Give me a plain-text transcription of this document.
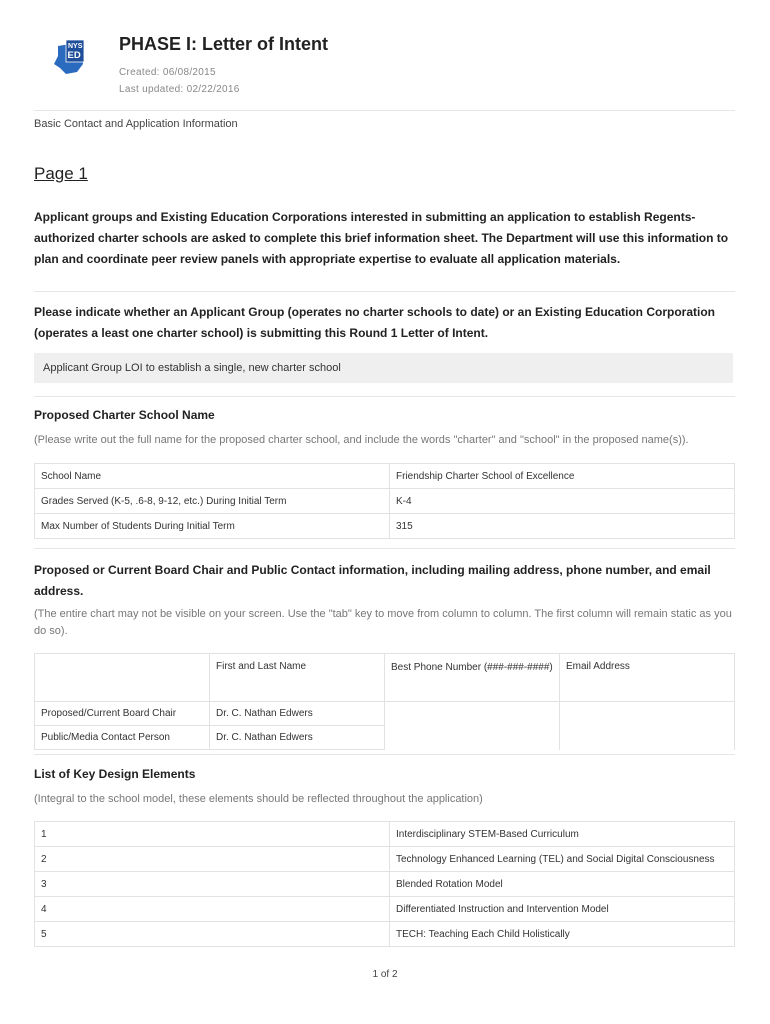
NYS
ED
PHASE I: Letter of Intent
Created: 06/08/2015
Last updated: 02/22/2016
Basic Contact and Application Information
Page 1
Applicant groups and Existing Education Corporations interested in submitting an application to establish Regents-authorized charter schools are asked to complete this brief information sheet. The Department will use this information to plan and coordinate peer review panels with appropriate expertise to evaluate all application materials.
Please indicate whether an Applicant Group (operates no charter schools to date) or an Existing Education Corporation (operates a least one charter school) is submitting this Round 1 Letter of Intent.
Applicant Group LOI to establish a single, new charter school
Proposed Charter School Name
(Please write out the full name for the proposed charter school, and include the words "charter" and "school" in the proposed name(s)).
School Name	Friendship Charter School of Excellence
Grades Served (K-5, .6-8, 9-12, etc.) During Initial Term	K-4
Max Number of Students During Initial Term	315
Proposed or Current Board Chair and Public Contact information, including mailing address, phone number, and email address.
(The entire chart may not be visible on your screen. Use the "tab" key to move from column to column. The first column will remain static as you do so).
	First and Last Name	Best Phone Number (###-###-####)	Email Address
Proposed/Current Board Chair	Dr. C. Nathan Edwers		
Public/Media Contact Person	Dr. C. Nathan Edwers		
List of Key Design Elements
(Integral to the school model, these elements should be reflected throughout the application)
1	Interdisciplinary STEM-Based Curriculum
2	Technology Enhanced Learning (TEL) and Social Digital Consciousness
3	Blended Rotation Model
4	Differentiated Instruction and Intervention Model
5	TECH: Teaching Each Child Holistically
1 of 2
